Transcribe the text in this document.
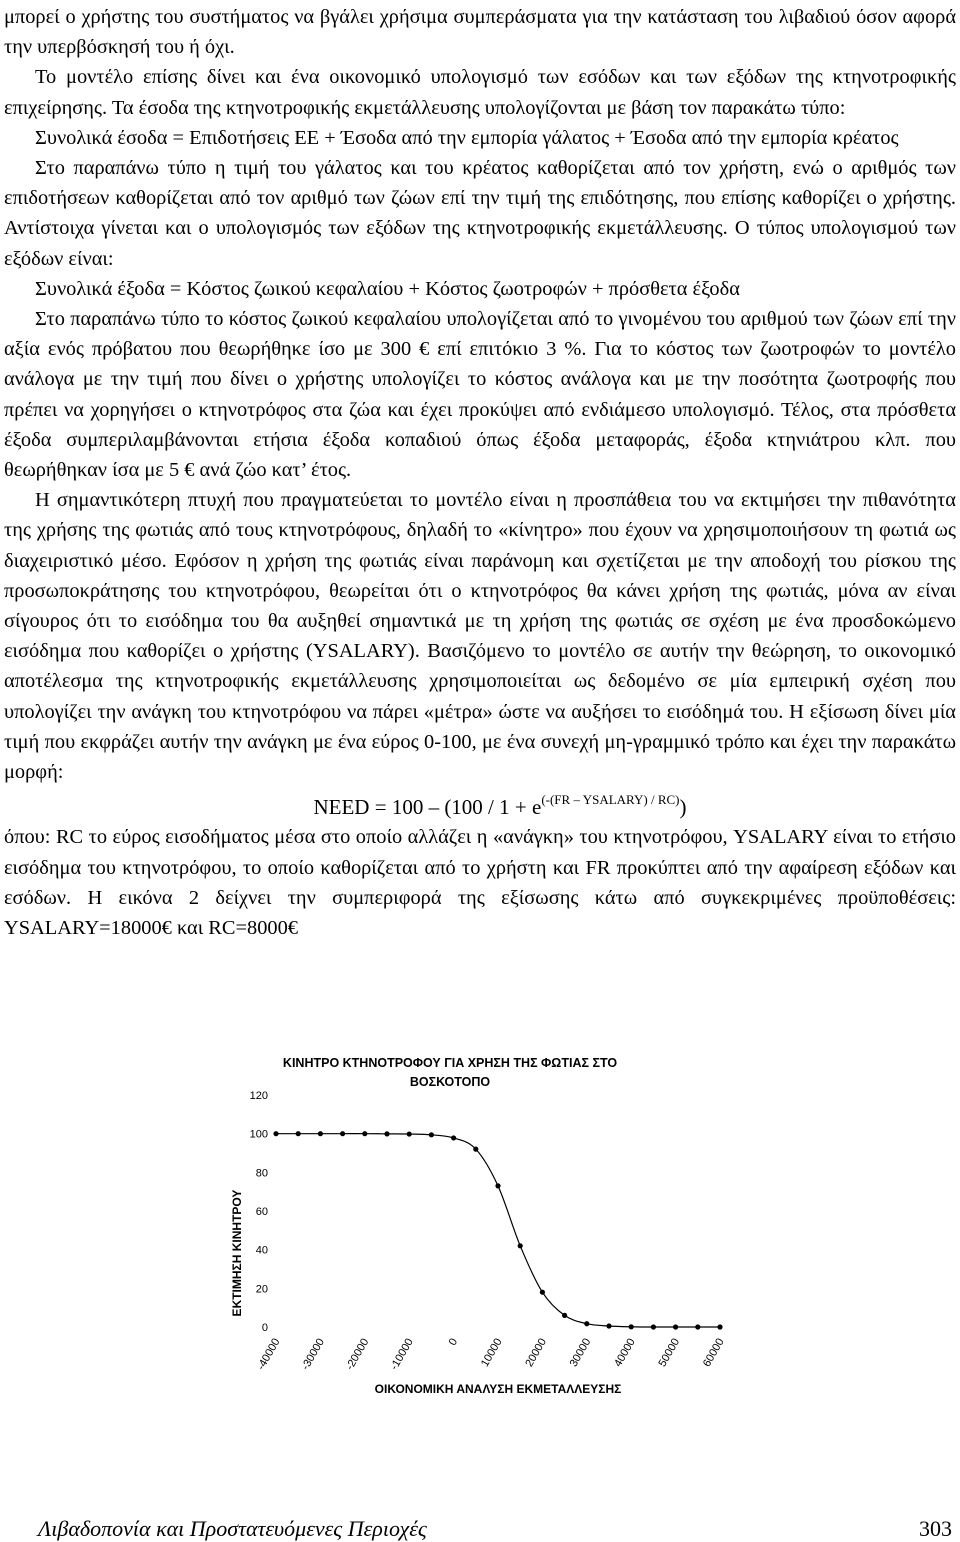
μπορεί ο χρήστης του συστήματος να βγάλει χρήσιμα συμπεράσματα για την κατάσταση του λιβαδιού όσον αφορά την υπερβόσκησή του ή όχι.

Το μοντέλο επίσης δίνει και ένα οικονομικό υπολογισμό των εσόδων και των εξόδων της κτηνοτροφικής επιχείρησης. Τα έσοδα της κτηνοτροφικής εκμετάλλευσης υπολογίζονται με βάση τον παρακάτω τύπο:

Συνολικά έσοδα = Επιδοτήσεις ΕΕ + Έσοδα από την εμπορία γάλατος + Έσοδα από την εμπορία κρέατος

Στο παραπάνω τύπο η τιμή του γάλατος και του κρέατος καθορίζεται από τον χρήστη, ενώ ο αριθμός των επιδοτήσεων καθορίζεται από τον αριθμό των ζώων επί την τιμή της επιδότησης, που επίσης καθορίζει ο χρήστης. Αντίστοιχα γίνεται και ο υπολογισμός των εξόδων της κτηνοτροφικής εκμετάλλευσης. Ο τύπος υπολογισμού των εξόδων είναι:

Συνολικά έξοδα = Κόστος ζωικού κεφαλαίου + Κόστος ζωοτροφών + πρόσθετα έξοδα

Στο παραπάνω τύπο το κόστος ζωικού κεφαλαίου υπολογίζεται από το γινομένου του αριθμού των ζώων επί την αξία ενός πρόβατου που θεωρήθηκε ίσο με 300 € επί επιτόκιο 3 %. Για το κόστος των ζωοτροφών το μοντέλο ανάλογα με την τιμή που δίνει ο χρήστης υπολογίζει το κόστος ανάλογα και με την ποσότητα ζωοτροφής που πρέπει να χορηγήσει ο κτηνοτρόφος στα ζώα και έχει προκύψει από ενδιάμεσο υπολογισμό. Τέλος, στα πρόσθετα έξοδα συμπεριλαμβάνονται ετήσια έξοδα κοπαδιού όπως έξοδα μεταφοράς, έξοδα κτηνιάτρου κλπ. που θεωρήθηκαν ίσα με 5 € ανά ζώο κατ’ έτος.

Η σημαντικότερη πτυχή που πραγματεύεται το μοντέλο είναι η προσπάθεια του να εκτιμήσει την πιθανότητα της χρήσης της φωτιάς από τους κτηνοτρόφους, δηλαδή το «κίνητρο» που έχουν να χρησιμοποιήσουν τη φωτιά ως διαχειριστικό μέσο. Εφόσον η χρήση της φωτιάς είναι παράνομη και σχετίζεται με την αποδοχή του ρίσκου της προσωποκράτησης του κτηνοτρόφου, θεωρείται ότι ο κτηνοτρόφος θα κάνει χρήση της φωτιάς, μόνα αν είναι σίγουρος ότι το εισόδημα του θα αυξηθεί σημαντικά με τη χρήση της φωτιάς σε σχέση με ένα προσδοκώμενο εισόδημα που καθορίζει ο χρήστης (YSALARY). Βασιζόμενο το μοντέλο σε αυτήν την θεώρηση, το οικονομικό αποτέλεσμα της κτηνοτροφικής εκμετάλλευσης χρησιμοποιείται ως δεδομένο σε μία εμπειρική σχέση που υπολογίζει την ανάγκη του κτηνοτρόφου να πάρει «μέτρα» ώστε να αυξήσει το εισόδημά του. Η εξίσωση δίνει μία τιμή που εκφράζει αυτήν την ανάγκη με ένα εύρος 0-100, με ένα συνεχή μη-γραμμικό τρόπο και έχει την παρακάτω μορφή:

NEED = $100 - (100 / 1 + e^{(-(FR - YSALARY) / RC)})$

όπου: RC το εύρος εισοδήματος μέσα στο οποίο αλλάζει η «ανάγκη» του κτηνοτρόφου, YSALARY είναι το ετήσιο εισόδημα του κτηνοτρόφου, το οποίο καθορίζεται από το χρήστη και FR προκύπτει από την αφαίρεση εξόδων και εσόδων. Η εικόνα 2 δείχνει την συμπεριφορά της εξίσωσης κάτω από συγκεκριμένες προϋποθέσεις: YSALARY=18000€ και RC=8000€

ΚΙΝΗΤΡΟ ΚΤΗΝΟΤΡΟΦΟΥ ΓΙΑ ΧΡΗΣΗ ΤΗΣ ΦΩΤΙΑΣ ΣΤΟ
ΒΟΣΚΟΤΟΠΟ
ΕΚΤΙΜΗΣΗ ΚΙΝΗΤΡΟΥ
0
20
40
60
80
100
120
-40000 -30000 -20000 -10000	0 10000 20000 30000 40000 50000 60000
ΟΙΚΟΝΟΜΙΚΗ ΑΝΑΛΥΣΗ ΕΚΜΕΤΑΛΛΕΥΣΗΣ
Λιβαδοπονία και Προστατευόμενες Περιοχές	303
